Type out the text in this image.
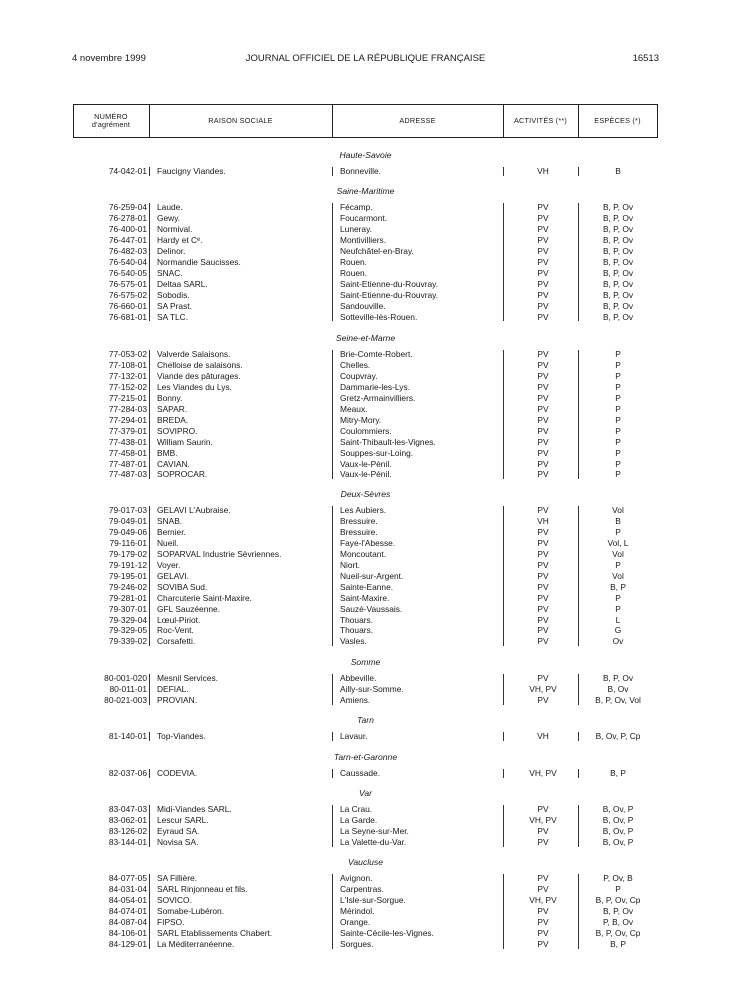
4 novembre 1999	JOURNAL OFFICIEL DE LA RÉPUBLIQUE FRANÇAISE	16513
NUMÉRO
d'agrément	RAISON SOCIALE	ADRESSE	ACTIVITÉS (**)	ESPÈCES (*)
Haute-Savoie
74-042-01 Faucigny Viandes.	Bonneville.	VH	B
Saine-Maritime
76-259-04 Laude.	Fécamp.	PV	B, P, Ov
76-278-01 Gewy.	Foucarmont.	PV	B, P, Ov
76-400-01 Normival.	Luneray.	PV	B, P, Ov
76-447-01 Hardy et Cᵉ.	Montivilliers.	PV	B, P, Ov
76-482-03 Delinor.	Neufchâtel-en-Bray.	PV	B, P, Ov
76-540-04 Normandie Saucisses.	Rouen.	PV	B, P, Ov
76-540-05 SNAC.	Rouen.	PV	B, P, Ov
76-575-01 Deltaa SARL.	Saint-Etienne-du-Rouvray.	PV	B, P, Ov
76-575-02 Sobodis.	Saint-Etienne-du-Rouvray.	PV	B, P, Ov
76-660-01 SA Prast.	Sandouville.	PV	B, P, Ov
76-681-01 SA TLC.	Sotteville-lès-Rouen.	PV	B, P, Ov
Seine-et-Marne
77-053-02 Valverde Salaisons.	Brie-Comte-Robert.	PV	P
77-108-01 Chelloise de salaisons.	Chelles.	PV	P
77-132-01 Viande des pâturages.	Coupvray.	PV	P
77-152-02 Les Viandes du Lys.	Dammarie-les-Lys.	PV	P
77-215-01 Bonny.	Gretz-Armainvilliers.	PV	P
77-284-03 SAPAR.	Meaux.	PV	P
77-294-01 BREDA.	Mitry-Mory.	PV	P
77-379-01 SOVIPRO.	Coulommiers.	PV	P
77-438-01 William Saurin.	Saint-Thibault-les-Vignes.	PV	P
77-458-01 BMB.	Souppes-sur-Loing.	PV	P
77-487-01 CAVIAN.	Vaux-le-Pénil.	PV	P
77-487-03 SOPROCAR.	Vaux-le-Pénil.	PV	P
Deux-Sèvres
79-017-03 GELAVI L'Aubraise.	Les Aubiers.	PV	Vol
79-049-01 SNAB.	Bressuire.	VH	B
79-049-06 Bernier.	Bressuire.	PV	P
79-116-01 Nueil.	Faye-l'Abesse.	PV	Vol, L
79-179-02 SOPARVAL Industrie Sèvriennes.	Moncoutant.	PV	Vol
79-191-12 Voyer.	Niort.	PV	P
79-195-01 GELAVI.	Nueil-sur-Argent.	PV	Vol
79-246-02 SOVIBA Sud.	Sainte-Eanne.	PV	B, P
79-281-01 Charcuterie Saint-Maxire.	Saint-Maxire.	PV	P
79-307-01 GFL Sauzéenne.	Sauzé-Vaussais.	PV	P
79-329-04 Lœul-Piriot.	Thouars.	PV	L
79-329-05 Roc-Vent.	Thouars.	PV	G
79-339-02 Corsafetti.	Vasles.	PV	Ov
Somme
80-001-020 Mesnil Services.	Abbeville.	PV	B, P, Ov
80-011-01 DEFIAL.	Ailly-sur-Somme.	VH, PV	B, Ov
80-021-003 PROVIAN.	Amiens.	PV	B, P, Ov, Vol
Tarn
81-140-01 Top-Viandes.	Lavaur.	VH	B, Ov, P, Cp
Tarn-et-Garonne
82-037-06 CODEVIA.	Caussade.	VH, PV	B, P
Var
83-047-03 Midi-Viandes SARL.	La Crau.	PV	B, Ov, P
83-062-01 Lescur SARL.	La Garde.	VH, PV	B, Ov, P
83-126-02 Eyraud SA.	La Seyne-sur-Mer.	PV	B, Ov, P
83-144-01 Novisa SA.	La Valette-du-Var.	PV	B, Ov, P
Vaucluse
84-077-05 SA Fillière.	Avignon.	PV	P, Ov, B
84-031-04 SARL Rinjonneau et fils.	Carpentras.	PV	P
84-054-01 SOVICO.	L'Isle-sur-Sorgue.	VH, PV	B, P, Ov, Cp
84-074-01 Somabe-Lubéron.	Mérindol.	PV	B, P, Ov
84-087-04 FIPSO.	Orange.	PV	P, B, Ov
84-106-01 SARL Etablissements Chabert.	Sainte-Cécile-les-Vignes.	PV	B, P, Ov, Cp
84-129-01 La Méditerranéenne.	Sorgues.	PV	B, P
